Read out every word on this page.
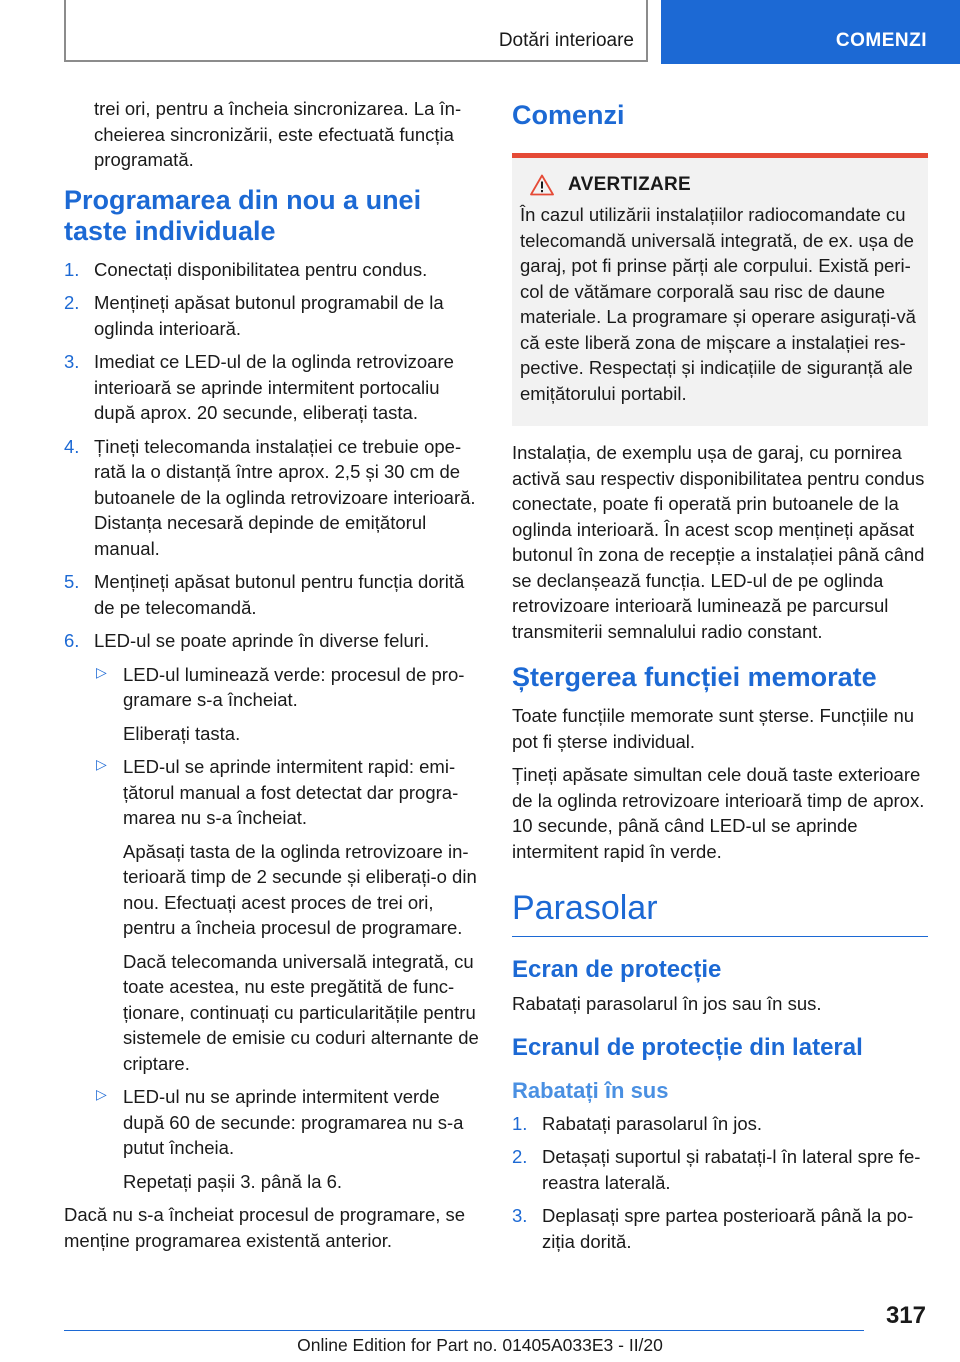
Dotări interioare	COMENZI

trei ori, pentru a încheia sincronizarea. La încheierea sincronizării, este efectuată funcția programată.

Programarea din nou a unei taste individuale

1. Conectați disponibilitatea pentru condus.

2. Mențineți apăsat butonul programabil de la oglinda interioară.

3. Imediat ce LED-ul de la oglinda retrovizoare interioară se aprinde intermitent portocaliu după aprox. 20 secunde, eliberați tasta.

4. Țineți telecomanda instalației ce trebuie operată la o distanță între aprox. 2,5 și 30 cm de butoanele de la oglinda retrovizoare interioară. Distanța necesară depinde de emițătorul manual.

5. Mențineți apăsat butonul pentru funcția dorită de pe telecomandă.

6. LED-ul se poate aprinde în diverse feluri.

▷ LED-ul luminează verde: procesul de programare s-a încheiat.

Eliberați tasta.

▷ LED-ul se aprinde intermitent rapid: emițătorul manual a fost detectat dar programarea nu s-a încheiat.

Apăsați tasta de la oglinda retrovizoare interioară timp de 2 secunde și eliberați-o din nou. Efectuați acest proces de trei ori, pentru a încheia procesul de programare.

Dacă telecomanda universală integrată, cu toate acestea, nu este pregătită de funcționare, continuați cu particularitățile pentru sistemele de emisie cu coduri alternante de criptare.

▷ LED-ul nu se aprinde intermitent verde după 60 de secunde: programarea nu s-a putut încheia.

Repetați pașii 3. până la 6.

Dacă nu s-a încheiat procesul de programare, se menține programarea existentă anterior.

Comenzi
AVERTIZARE

În cazul utilizării instalațiilor radiocomandate cu telecomandă universală integrată, de ex. ușa de garaj, pot fi prinse părți ale corpului. Există pericol de vătămare corporală sau risc de daune materiale. La programare și operare asigurați-vă că este liberă zona de mișcare a instalației respective. Respectați și indicațiile de siguranță ale emițătorului portabil.

Instalația, de exemplu ușa de garaj, cu pornirea activă sau respectiv disponibilitatea pentru condus conectate, poate fi operată prin butoanele de la oglinda interioară. În acest scop mențineți apăsat butonul în zona de recepție a instalației până când se declanșează funcția. LED-ul de pe oglinda retrovizoare interioară luminează pe parcursul transmiterii semnalului radio constant.

Ștergerea funcției memorate

Toate funcțiile memorate sunt șterse. Funcțiile nu pot fi șterse individual.

Țineți apăsate simultan cele două taste exterioare de la oglinda retrovizoare interioară timp de aprox. 10 secunde, până când LED-ul se aprinde intermitent rapid în verde.

Parasolar
Ecran de protecție

Rabatați parasolarul în jos sau în sus.

Ecranul de protecție din lateral
Rabatați în sus

1. Rabatați parasolarul în jos.

2. Detașați suportul și rabatați-l în lateral spre fereastra laterală.

3. Deplasați spre partea posterioară până la poziția dorită.

317
Online Edition for Part no. 01405A033E3 - II/20
